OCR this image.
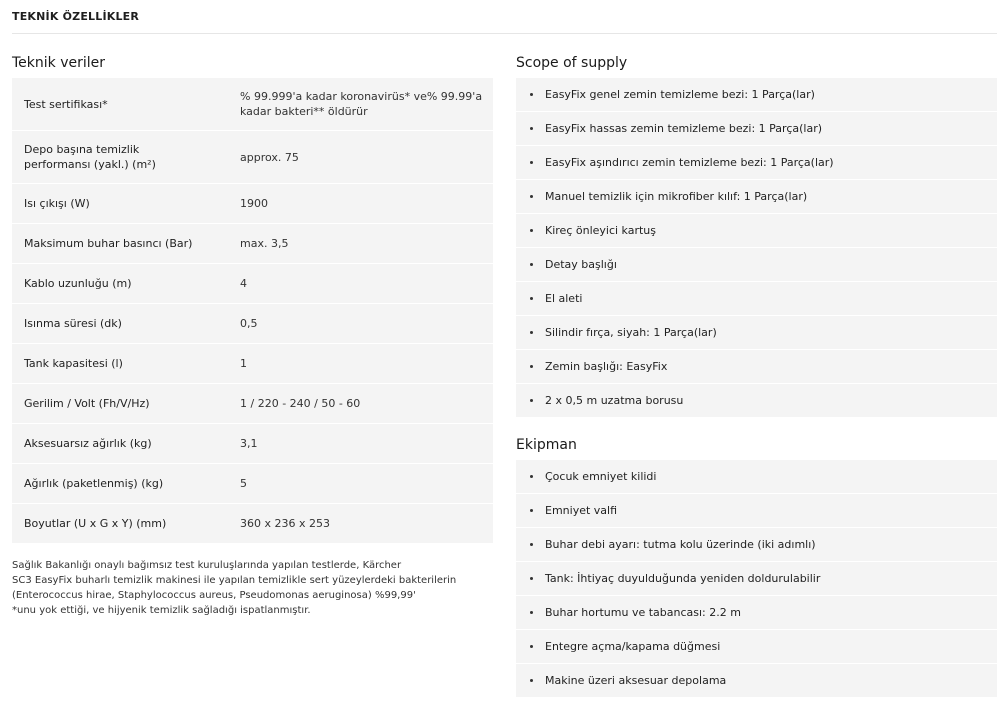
TEKNİK ÖZELLİKLER
Teknik veriler
Test sertifikası*	% 99.999'a kadar koronavirüs* ve% 99.99'a kadar bakteri** öldürür
Depo başına temizlik performansı (yakl.) (m²)	approx. 75
Isı çıkışı (W)	1900
Maksimum buhar basıncı (Bar)	max. 3,5
Kablo uzunluğu (m)	4
Isınma süresi (dk)	0,5
Tank kapasitesi (l)	1
Gerilim / Volt (Fh/V/Hz)	1 / 220 - 240 / 50 - 60
Aksesuarsız ağırlık (kg)	3,1
Ağırlık (paketlenmiş) (kg)	5
Boyutlar (U x G x Y) (mm)	360 x 236 x 253
Sağlık Bakanlığı onaylı bağımsız test kuruluşlarında yapılan testlerde, Kärcher
SC3 EasyFix buharlı temizlik makinesi ile yapılan temizlikle sert yüzeylerdeki bakterilerin
(Enterococcus hirae, Staphylococcus aureus, Pseudomonas aeruginosa) %99,99'
*unu yok ettiği, ve hijyenik temizlik sağladığı ispatlanmıştır.
Scope of supply
EasyFix genel zemin temizleme bezi: 1 Parça(lar)
EasyFix hassas zemin temizleme bezi: 1 Parça(lar)
EasyFix aşındırıcı zemin temizleme bezi: 1 Parça(lar)
Manuel temizlik için mikrofiber kılıf: 1 Parça(lar)
Kireç önleyici kartuş
Detay başlığı
El aleti
Silindir fırça, siyah: 1 Parça(lar)
Zemin başlığı: EasyFix
2 x 0,5 m uzatma borusu
Ekipman
Çocuk emniyet kilidi
Emniyet valfi
Buhar debi ayarı: tutma kolu üzerinde (iki adımlı)
Tank: İhtiyaç duyulduğunda yeniden doldurulabilir
Buhar hortumu ve tabancası: 2.2 m
Entegre açma/kapama düğmesi
Makine üzeri aksesuar depolama
